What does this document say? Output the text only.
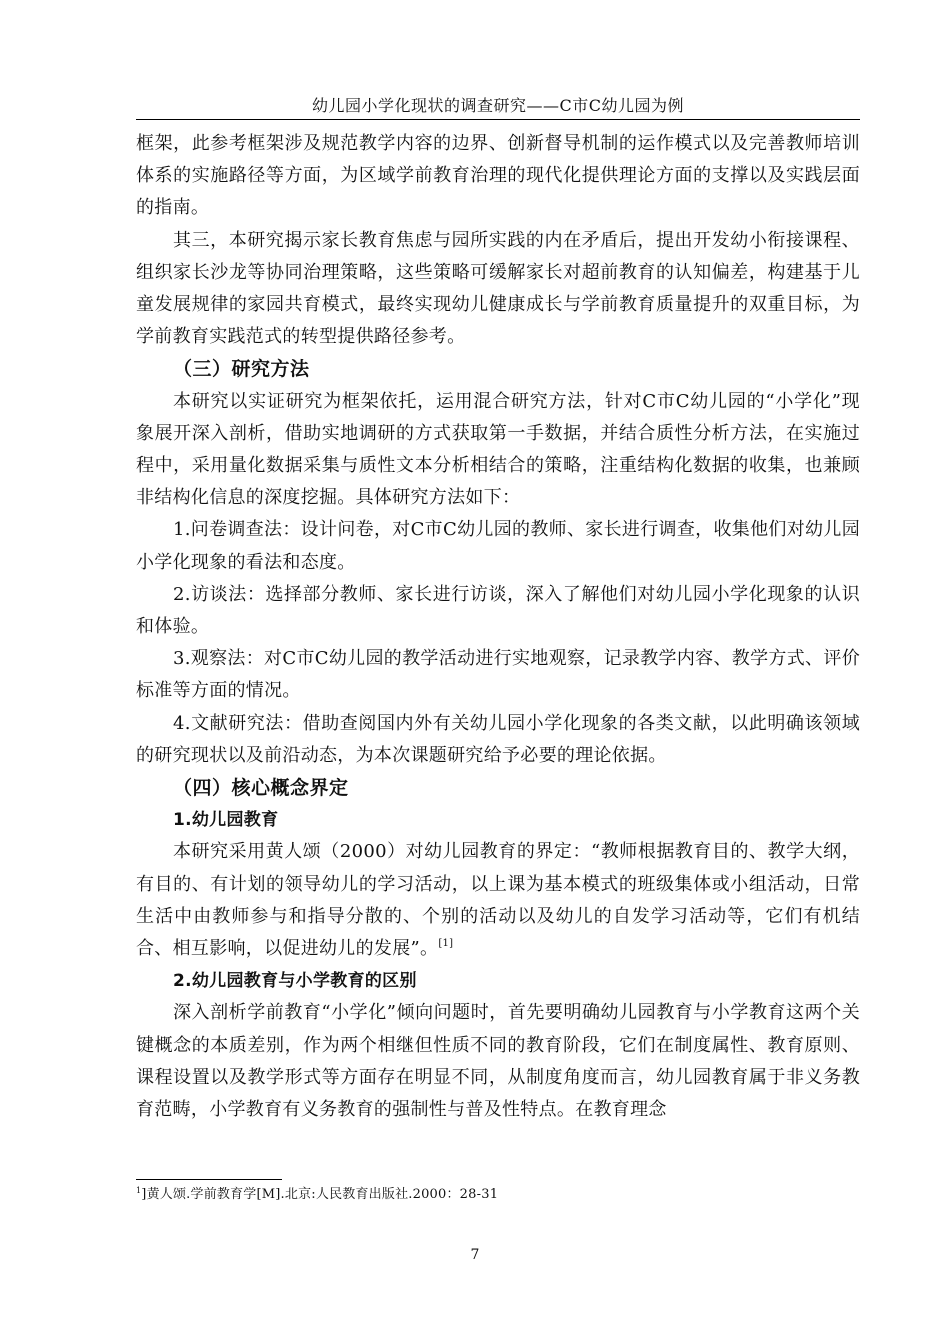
幼儿园小学化现状的调查研究——C市C幼儿园为例

框架，此参考框架涉及规范教学内容的边界、创新督导机制的运作模式以及完善教师培训体系的实施路径等方面，为区域学前教育治理的现代化提供理论方面的支撑以及实践层面的指南。

其三，本研究揭示家长教育焦虑与园所实践的内在矛盾后，提出开发幼小衔接课程、组织家长沙龙等协同治理策略，这些策略可缓解家长对超前教育的认知偏差，构建基于儿童发展规律的家园共育模式，最终实现幼儿健康成长与学前教育质量提升的双重目标，为学前教育实践范式的转型提供路径参考。

（三）研究方法

本研究以实证研究为框架依托，运用混合研究方法，针对C市C幼儿园的“小学化”现象展开深入剖析，借助实地调研的方式获取第一手数据，并结合质性分析方法，在实施过程中，采用量化数据采集与质性文本分析相结合的策略，注重结构化数据的收集，也兼顾非结构化信息的深度挖掘。具体研究方法如下：

1.问卷调查法：设计问卷，对C市C幼儿园的教师、家长进行调查，收集他们对幼儿园小学化现象的看法和态度。

2.访谈法：选择部分教师、家长进行访谈，深入了解他们对幼儿园小学化现象的认识和体验。

3.观察法：对C市C幼儿园的教学活动进行实地观察，记录教学内容、教学方式、评价标准等方面的情况。

4.文献研究法：借助查阅国内外有关幼儿园小学化现象的各类文献，以此明确该领域的研究现状以及前沿动态，为本次课题研究给予必要的理论依据。

（四）核心概念界定
1.幼儿园教育

本研究采用黄人颂（2000）对幼儿园教育的界定：“教师根据教育目的、教学大纲，有目的、有计划的领导幼儿的学习活动，以上课为基本模式的班级集体或小组活动，日常生活中由教师参与和指导分散的、个别的活动以及幼儿的自发学习活动等，它们有机结合、相互影响，以促进幼儿的发展”。[1]

2.幼儿园教育与小学教育的区别

深入剖析学前教育“小学化”倾向问题时，首先要明确幼儿园教育与小学教育这两个关键概念的本质差别，作为两个相继但性质不同的教育阶段，它们在制度属性、教育原则、课程设置以及教学形式等方面存在明显不同，从制度角度而言，幼儿园教育属于非义务教育范畴，小学教育有义务教育的强制性与普及性特点。在教育理念

$^1$]黄人颂.学前教育学[M].北京:人民教育出版社.2000：28-31
7
